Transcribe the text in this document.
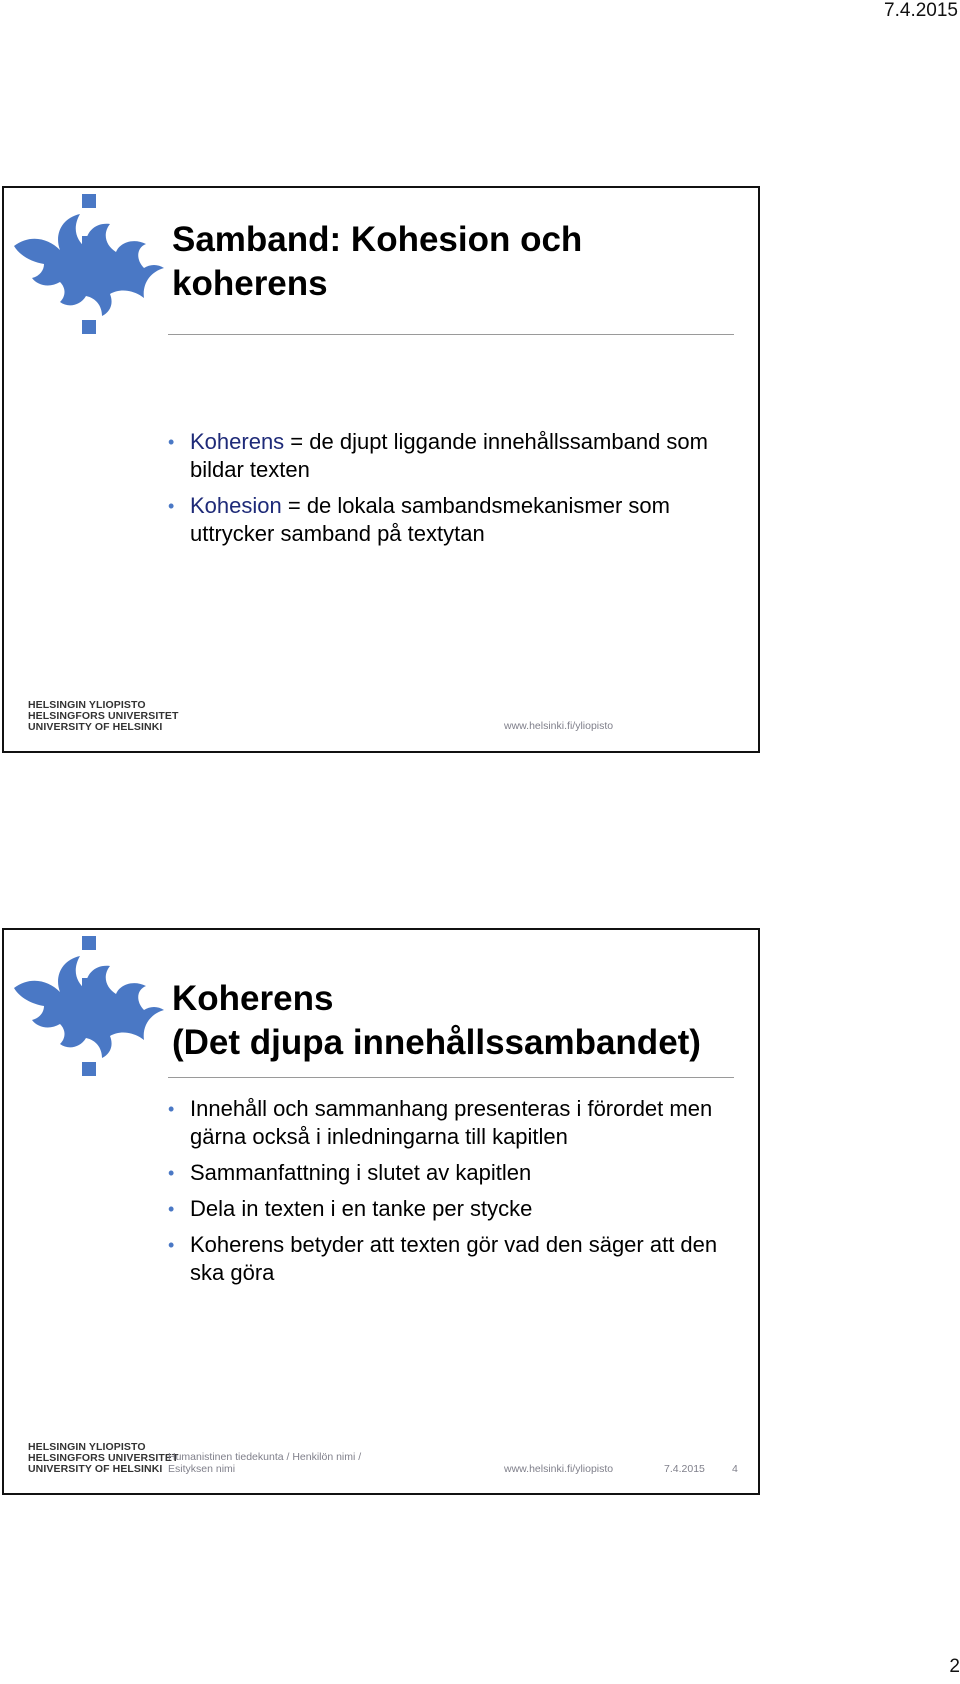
7.4.2015
Samband: Kohesion och koherens
• Koherens = de djupt liggande innehållssamband som bildar texten
• Kohesion = de lokala sambandsmekanismer som uttrycker samband på textytan
HELSINGIN YLIOPISTO
HELSINGFORS UNIVERSITET
UNIVERSITY OF HELSINKI	www.helsinki.fi/yliopisto
Koherens
(Det djupa innehållssambandet)
• Innehåll och sammanhang presenteras i förordet men gärna också i inledningarna till kapitlen
• Sammanfattning i slutet av kapitlen
• Dela in texten i en tanke per stycke
• Koherens betyder att texten gör vad den säger att den ska göra
HELSINGIN YLIOPISTO
HELSINGFORS UNIVERSITET
UNIVERSITY OF HELSINKI
Humanistinen tiedekunta / Henkilön nimi / Esityksen nimi	www.helsinki.fi/yliopisto	7.4.2015	4
2
